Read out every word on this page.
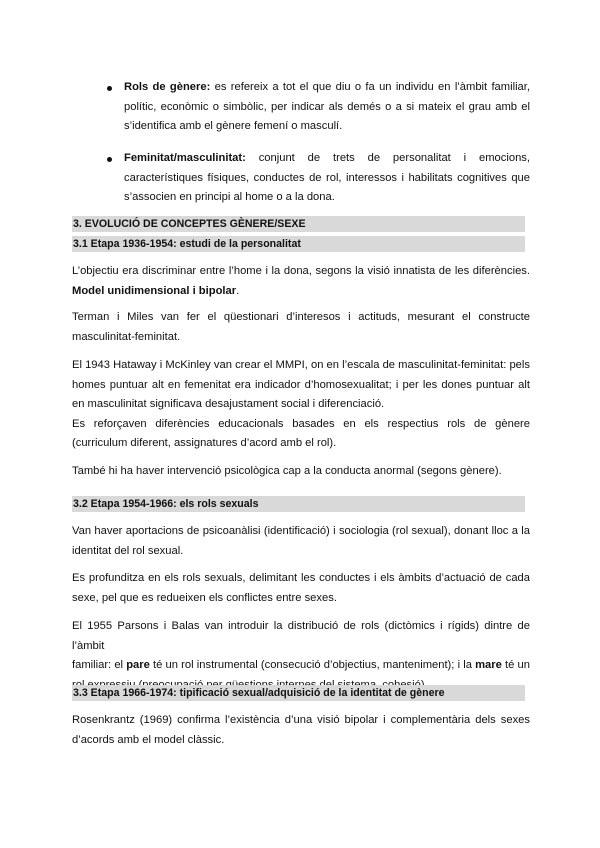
Rols de gènere: es refereix a tot el que diu o fa un individu en l’àmbit familiar,
polític, econòmic o simbòlic, per indicar als demés o a si mateix el grau amb el
s’identifica amb el gènere femení o masculí.
Feminitat/masculinitat: conjunt de trets de personalitat i emocions,
característiques físiques, conductes de rol, interessos i habilitats cognitives que
s’associen en principi al home o a la dona.
3. EVOLUCIÓ DE CONCEPTES GÈNERE/SEXE
3.1 Etapa 1936-1954: estudi de la personalitat
L’objectiu era discriminar entre l’home i la dona, segons la visió innatista de les diferències.
Model unidimensional i bipolar.
Terman i Miles van fer el qüestionari d’interesos i actituds, mesurant el constructe
masculinitat-feminitat.
El 1943 Hataway i McKinley van crear el MMPI, on en l’escala de masculinitat-feminitat: pels
homes puntuar alt en femenitat era indicador d’homosexualitat; i per les dones puntuar alt
en masculinitat significava desajustament social i diferenciació.
Es reforçaven diferències educacionals basades en els respectius rols de gènere
(curriculum diferent, assignatures d’acord amb el rol).
També hi ha haver intervenció psicològica cap a la conducta anormal (segons gènere).
3.2 Etapa 1954-1966: els rols sexuals
Van haver aportacions de psicoanàlisi (identificació) i sociologia (rol sexual), donant lloc a la
identitat del rol sexual.
Es profunditza en els rols sexuals, delimitant les conductes i els àmbits d’actuació de cada
sexe, pel que es redueixen els conflictes entre sexes.
El 1955 Parsons i Balas van introduir la distribució de rols (dictòmics i rígids) dintre de l’àmbit
familiar: el pare té un rol instrumental (consecució d’objectius, manteniment); i la mare té un
3.3 Etapa 1966-1974: tipificació sexual/adquisició de la identitat de gènere
Rosenkrantz (1969) confirma l’existència d’una visió bipolar i complementària dels sexes
d’acords amb el model clàssic.
